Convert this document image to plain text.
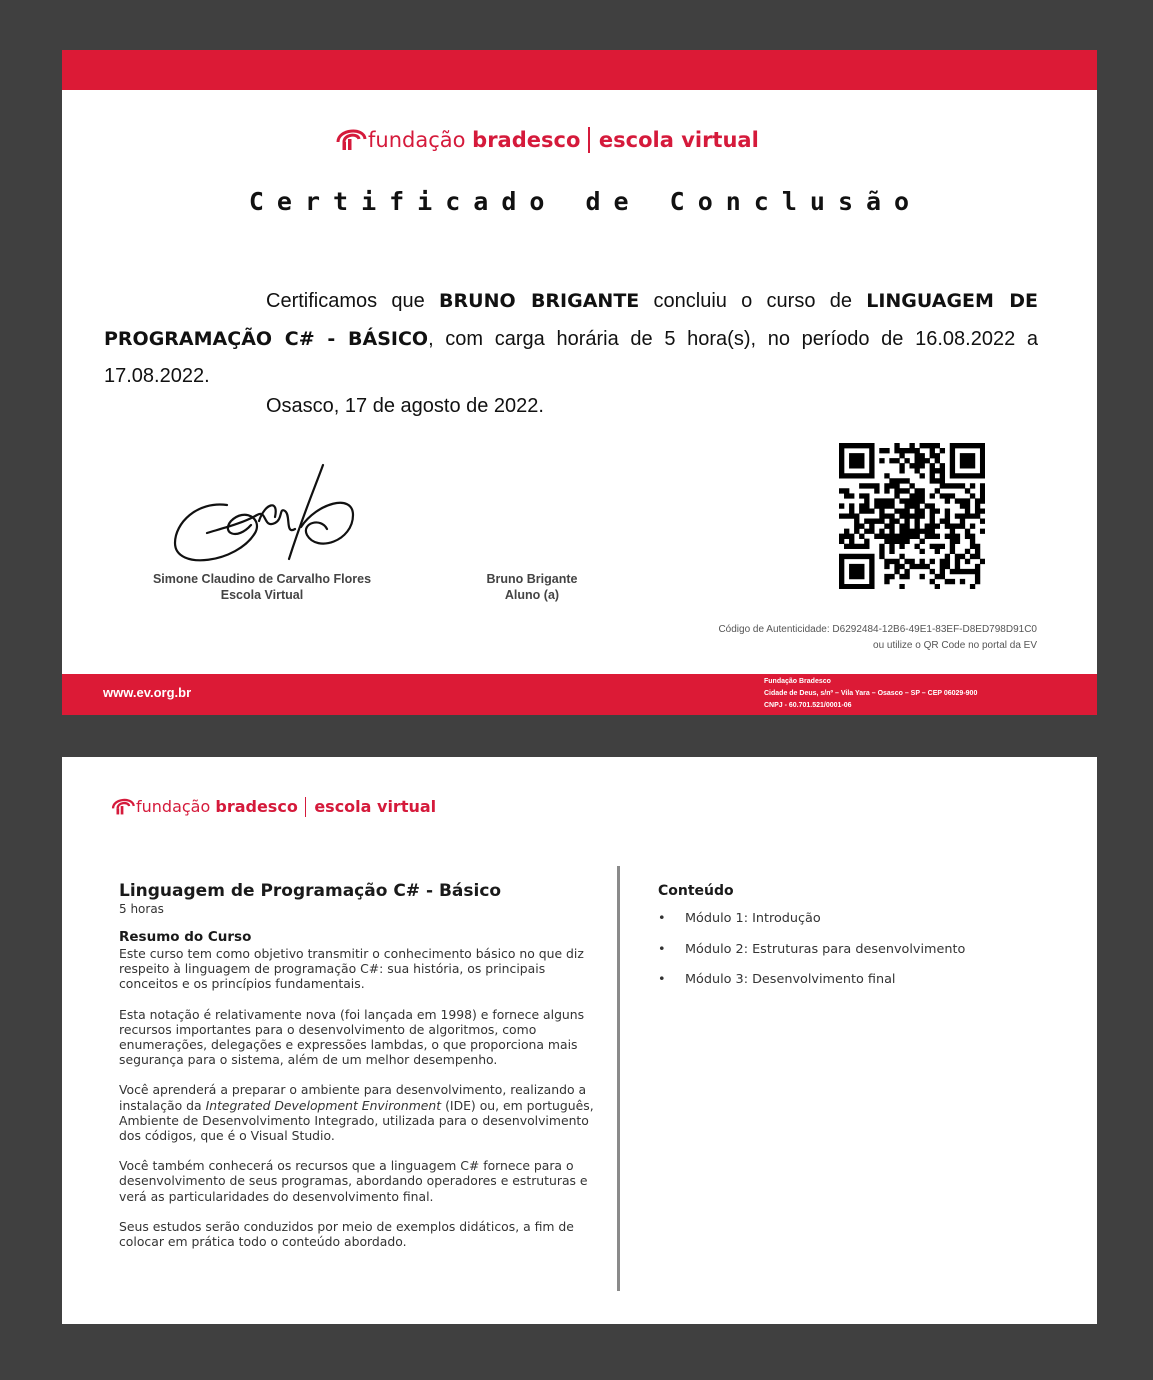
fundação
bradesco escola virtual
Certificado de Conclusão
Certificamos que BRUNO BRIGANTE concluiu o curso de LINGUAGEM DE PROGRAMAÇÃO C# - BÁSICO, com carga horária de 5 hora(s), no período de 16.08.2022 a 17.08.2022.
Osasco, 17 de agosto de 2022.
Simone Claudino de Carvalho Flores
Escola Virtual
Bruno Brigante
Aluno (a)
Código de Autenticidade: D6292484-12B6-49E1-83EF-D8ED798D91C0
ou utilize o QR Code no portal da EV
www.ev.org.br
Fundação Bradesco
Cidade de Deus, s/nº – Vila Yara – Osasco – SP – CEP 06029-900
CNPJ - 60.701.521/0001-06
fundação
bradesco escola virtual
Linguagem de Programação C# - Básico
5 horas
Resumo do Curso

Este curso tem como objetivo transmitir o conhecimento básico no que diz respeito à linguagem de programação C#: sua história, os principais conceitos e os princípios fundamentais.

Esta notação é relativamente nova (foi lançada em 1998) e fornece alguns recursos importantes para o desenvolvimento de algoritmos, como enumerações, delegações e expressões lambdas, o que proporciona mais segurança para o sistema, além de um melhor desempenho.

Você aprenderá a preparar o ambiente para desenvolvimento, realizando a instalação da Integrated Development Environment (IDE) ou, em português, Ambiente de Desenvolvimento Integrado, utilizada para o desenvolvimento dos códigos, que é o Visual Studio.

Você também conhecerá os recursos que a linguagem C# fornece para o desenvolvimento de seus programas, abordando operadores e estruturas e verá as particularidades do desenvolvimento final.

Seus estudos serão conduzidos por meio de exemplos didáticos, a fim de colocar em prática todo o conteúdo abordado.

Conteúdo
• Módulo 1: Introdução
• Módulo 2: Estruturas para desenvolvimento
• Módulo 3: Desenvolvimento final
